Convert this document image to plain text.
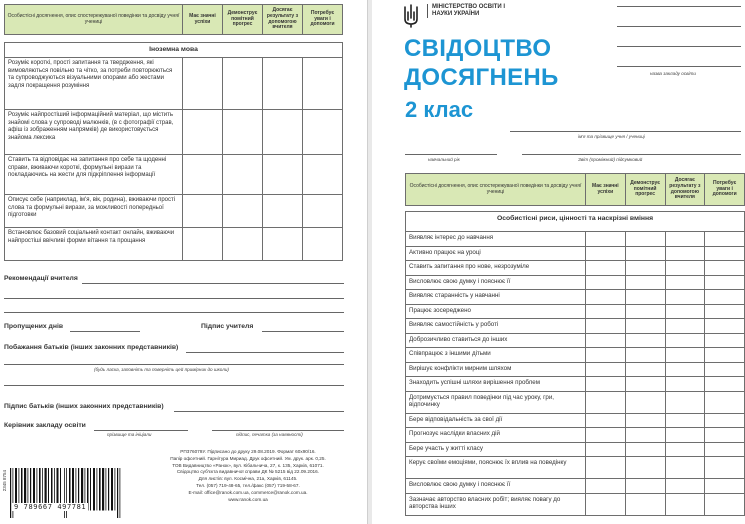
Особистісні досягнення, опис спостережуваної поведінки та досвіду учня/учениці	Має значні успіхи	Демонструє помітний прогрес	Досягає результату з допомогою вчителя	Потребує уваги і допомоги
Іноземна мова				
Розуміє короткі, прості запитання та твердження, які вимовляються повільно та чітко, за потреби повторюються та супроводжуються візуальними опорами або жестами задля покращення розуміння				
Розуміє найпростіший інформаційний матеріал, що містить знайомі слова у супроводі малюнків, (в с фотографії страв, афіш із зображенням напрямків) де використовується знайома лексика				
Ставить та відповідає на запитання про себе та щоденні справи, вживаючи короткі, формульні вирази та покладаючись на жести для підкріплення інформації				
Описує себе (наприклад, ім'я, вік, родина), вживаючи прості слова та формульні вирази, за можливості попередньої підготовки				
Встановлює базовий соціальний контакт онлайн, вживаючи найпростіші ввічливі форми вітання та прощання				
Рекомендації вчителя
Пропущених днів	Підпис учителя
Побажання батьків (інших законних представників)
(будь ласка, заповніть та поверніть цей примірник до школи)
Підпис батьків (інших законних представників)
Керівник закладу освіти
прізвище та ініціали	підпис, печатка (за наявності)
РП376079У. Підписано до друку 29.08.2019. Формат 60х90/16.
Папір офсетний. Гарнітура Mириад. Друк офсетний. Ум. друк. арк. 0,25.
ТОВ Видавництво «Ранок», вул. Кібальчича, 27, к. 135, Харків, 61071.
Свідоцтво суб'єкта видавничої справи ДК № 5215 від 22.09.2016.
Для листів: вул. Космічна, 21а, Харків, 61145.
Тел. (057) 719-48-65, тел./факс (057) 719-58-67.
E-mail: office@ranok.com.ua, commerce@ranok.com.ua.
www.ranok.com.ua
9 789667 497781
2345 8754
МІНІСТЕРСТВО ОСВІТИ І НАУКИ УКРАЇНИ
назва закладу освіти
СВІДОЦТВО
ДОСЯГНЕНЬ
2 клас
ім'я та прізвище учня / учениці
навчальний рік	Звіт (проміжний) підсумковий
Особистісні досягнення, опис спостережуваної поведінки та досвіду учня/учениці	Має значні успіхи	Демонструє помітний прогрес	Досягає результату з допомогою вчителя	Потребує уваги і допомоги
Особистісні риси, цінності та наскрізні вміння				
Виявляє інтерес до навчання				
Активно працює на уроці				
Ставить запитання про нове, незрозуміле				
Висловлює свою думку і пояснює її				
Виявляє старанність у навчанні				
Працює зосереджено				
Виявляє самостійність у роботі				
Доброзичливо ставиться до інших				
Співпрацює з іншими дітьми				
Вирішує конфлікти мирним шляхом				
Знаходить успішні шляхи вирішення проблем				
Дотримується правил поведінки під час уроку, гри, відпочинку				
Бере відповідальність за свої дії				
Прогнозує наслідки власних дій				
Бере участь у житті класу				
Керує своїми емоціями, пояснює їх вплив на поведінку				
Висловлює свою думку і пояснює її				
Зазначає авторство власних робіт; вияляє повагу до авторства інших				
